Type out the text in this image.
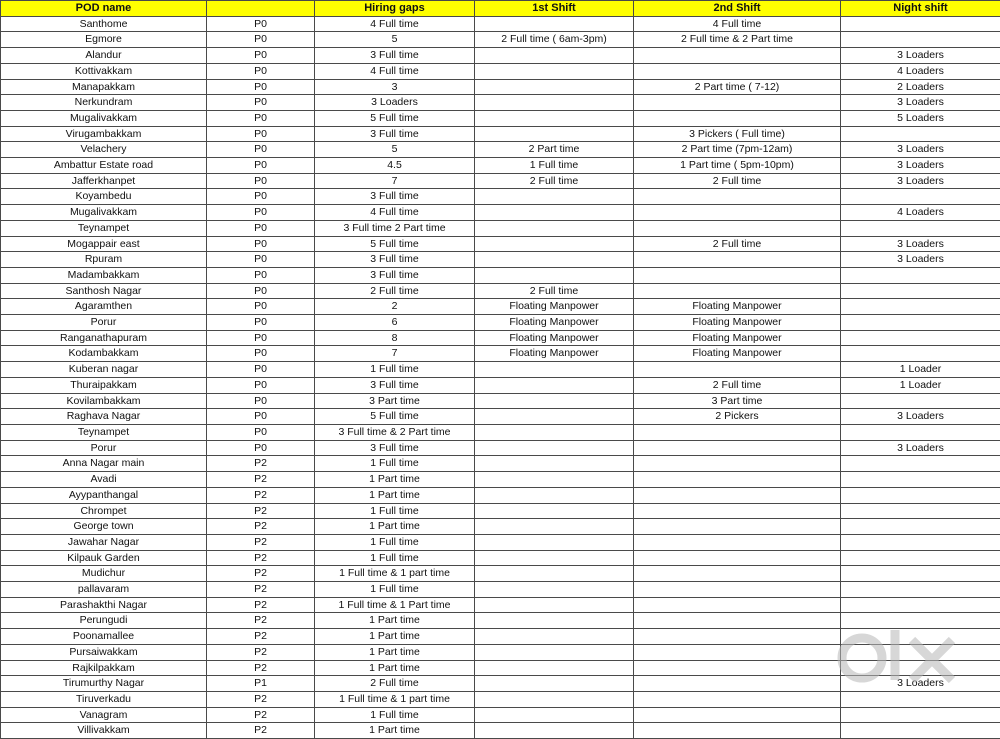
POD name		Hiring gaps	1st Shift	2nd Shift	Night shift
Santhome	P0	4 Full time		4 Full time	
Egmore	P0	5	2 Full time ( 6am-3pm)	2 Full time & 2 Part time	
Alandur	P0	3 Full time			3 Loaders
Kottivakkam	P0	4 Full time			4 Loaders
Manapakkam	P0	3		2 Part time ( 7-12)	2 Loaders
Nerkundram	P0	3 Loaders			3 Loaders
Mugalivakkam	P0	5 Full time			5 Loaders
Virugambakkam	P0	3 Full time		3 Pickers ( Full time)	
Velachery	P0	5	2 Part time	2 Part time (7pm-12am)	3 Loaders
Ambattur Estate road	P0	4.5	1 Full time	1 Part time ( 5pm-10pm)	3 Loaders
Jafferkhanpet	P0	7	2 Full time	2 Full time	3 Loaders
Koyambedu	P0	3 Full time			
Mugalivakkam	P0	4 Full time			4 Loaders
Teynampet	P0	3 Full time 2 Part time			
Mogappair east	P0	5 Full time		2 Full time	3 Loaders
Rpuram	P0	3 Full time			3 Loaders
Madambakkam	P0	3 Full time			
Santhosh Nagar	P0	2 Full time	2 Full time		
Agaramthen	P0	2	Floating Manpower	Floating Manpower	
Porur	P0	6	Floating Manpower	Floating Manpower	
Ranganathapuram	P0	8	Floating Manpower	Floating Manpower	
Kodambakkam	P0	7	Floating Manpower	Floating Manpower	
Kuberan nagar	P0	1 Full time			1 Loader
Thuraipakkam	P0	3 Full time		2 Full time	1 Loader
Kovilambakkam	P0	3 Part time		3 Part time	
Raghava Nagar	P0	5 Full time		2 Pickers	3 Loaders
Teynampet	P0	3 Full time & 2 Part time			
Porur	P0	3 Full time			3 Loaders
Anna Nagar main	P2	1 Full time			
Avadi	P2	1 Part time			
Ayypanthangal	P2	1 Part time			
Chrompet	P2	1 Full time			
George town	P2	1 Part time			
Jawahar Nagar	P2	1 Full time			
Kilpauk Garden	P2	1 Full time			
Mudichur	P2	1 Full time & 1 part time			
pallavaram	P2	1 Full time			
Parashakthi Nagar	P2	1 Full time & 1 Part time			
Perungudi	P2	1 Part time			
Poonamallee	P2	1 Part time			
Pursaiwakkam	P2	1 Part time			
Rajkilpakkam	P2	1 Part time			
Tirumurthy Nagar	P1	2 Full time			3 Loaders
Tiruverkadu	P2	1 Full time & 1 part time			
Vanagram	P2	1 Full time			
Villivakkam	P2	1 Part time			
